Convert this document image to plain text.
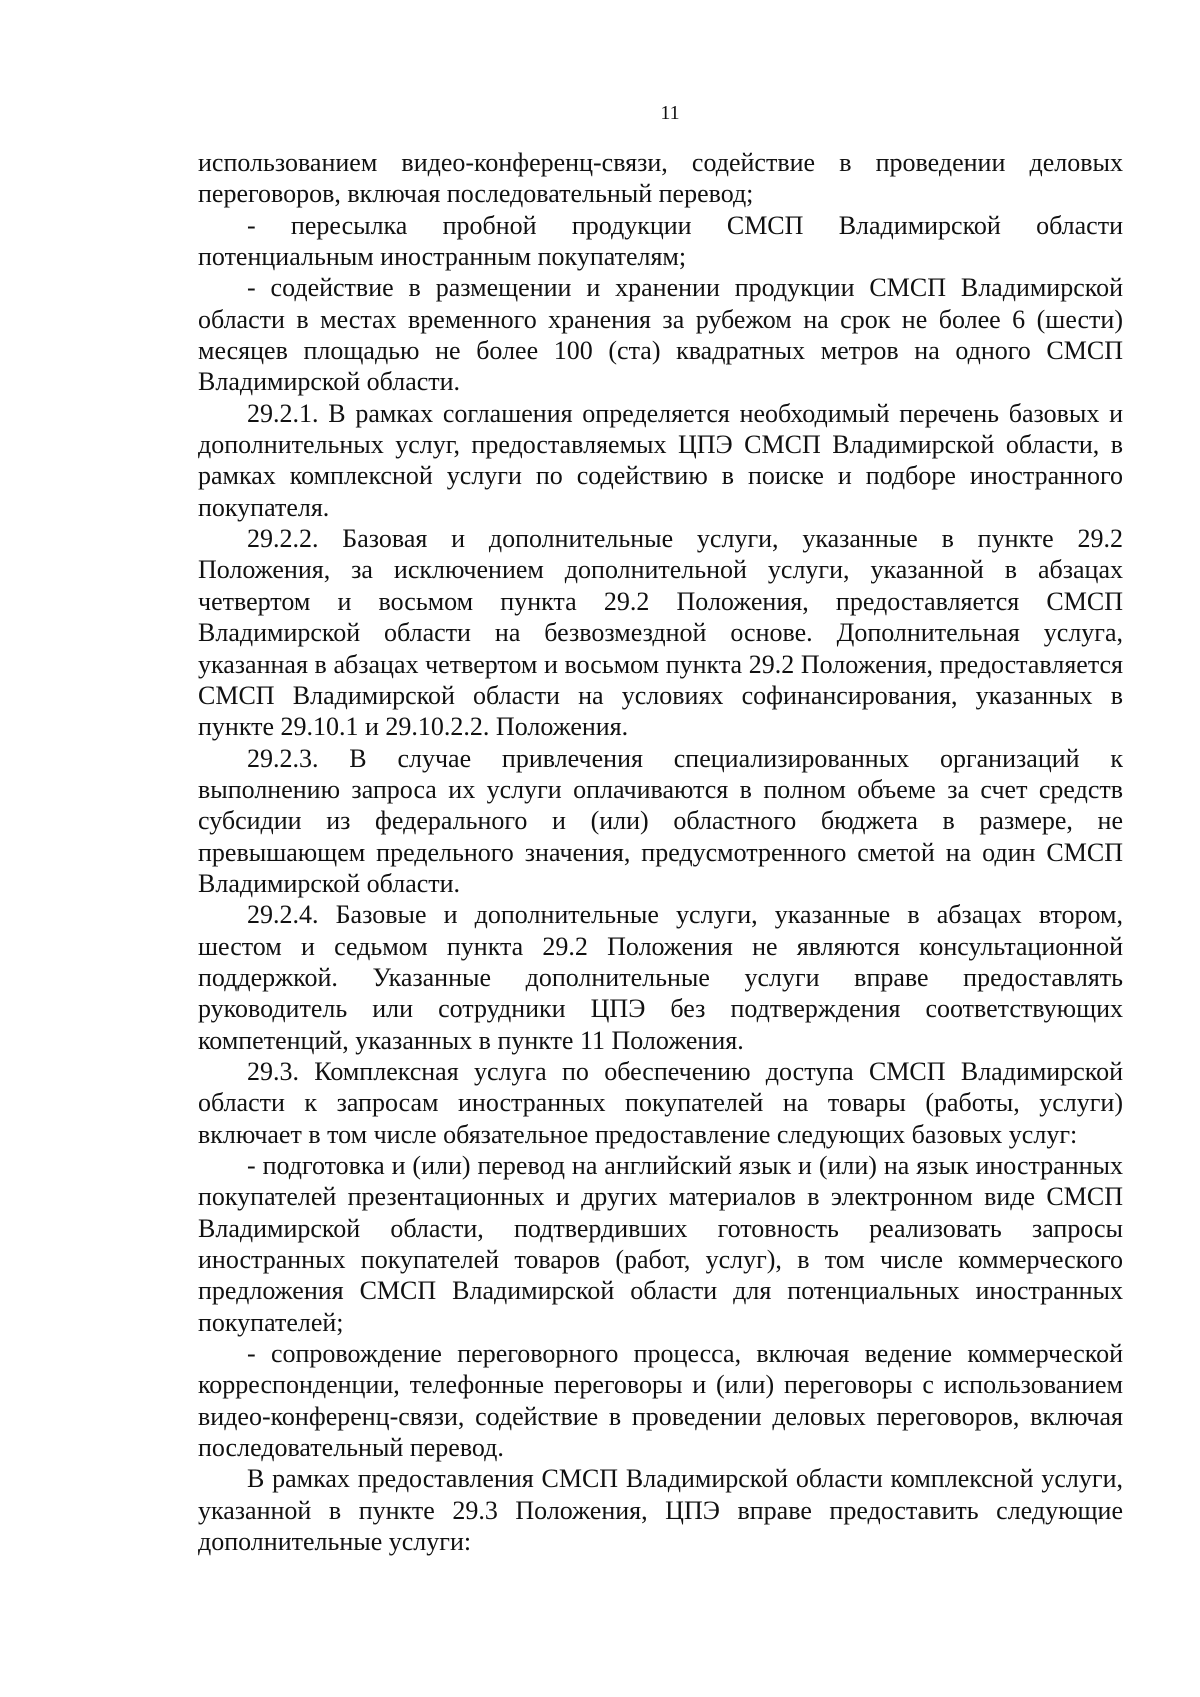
11

использованием видео-конференц-связи, содействие в проведении деловых переговоров, включая последовательный перевод;

- пересылка пробной продукции СМСП Владимирской области потенциальным иностранным покупателям;

- содействие в размещении и хранении продукции СМСП Владимирской области в местах временного хранения за рубежом на срок не более 6 (шести) месяцев площадью не более 100 (ста) квадратных метров на одного СМСП Владимирской области.

29.2.1. В рамках соглашения определяется необходимый перечень базовых и дополнительных услуг, предоставляемых ЦПЭ СМСП Владимирской области, в рамках комплексной услуги по содействию в поиске и подборе иностранного покупателя.

29.2.2. Базовая и дополнительные услуги, указанные в пункте 29.2 Положения, за исключением дополнительной услуги, указанной в абзацах четвертом и восьмом пункта 29.2 Положения, предоставляется СМСП Владимирской области на безвозмездной основе. Дополнительная услуга, указанная в абзацах четвертом и восьмом пункта 29.2 Положения, предоставляется СМСП Владимирской области на условиях софинансирования, указанных в пункте 29.10.1 и 29.10.2.2. Положения.

29.2.3. В случае привлечения специализированных организаций к выполнению запроса их услуги оплачиваются в полном объеме за счет средств субсидии из федерального и (или) областного бюджета в размере, не превышающем предельного значения, предусмотренного сметой на один СМСП Владимирской области.

29.2.4. Базовые и дополнительные услуги, указанные в абзацах втором, шестом и седьмом пункта 29.2 Положения не являются консультационной поддержкой. Указанные дополнительные услуги вправе предоставлять руководитель или сотрудники ЦПЭ без подтверждения соответствующих компетенций, указанных в пункте 11 Положения.

29.3. Комплексная услуга по обеспечению доступа СМСП Владимирской области к запросам иностранных покупателей на товары (работы, услуги) включает в том числе обязательное предоставление следующих базовых услуг:

- подготовка и (или) перевод на английский язык и (или) на язык иностранных покупателей презентационных и других материалов в электронном виде СМСП Владимирской области, подтвердивших готовность реализовать запросы иностранных покупателей товаров (работ, услуг), в том числе коммерческого предложения СМСП Владимирской области для потенциальных иностранных покупателей;

- сопровождение переговорного процесса, включая ведение коммерческой корреспонденции, телефонные переговоры и (или) переговоры с использованием видео-конференц-связи, содействие в проведении деловых переговоров, включая последовательный перевод.

В рамках предоставления СМСП Владимирской области комплексной услуги, указанной в пункте 29.3 Положения, ЦПЭ вправе предоставить следующие дополнительные услуги:
